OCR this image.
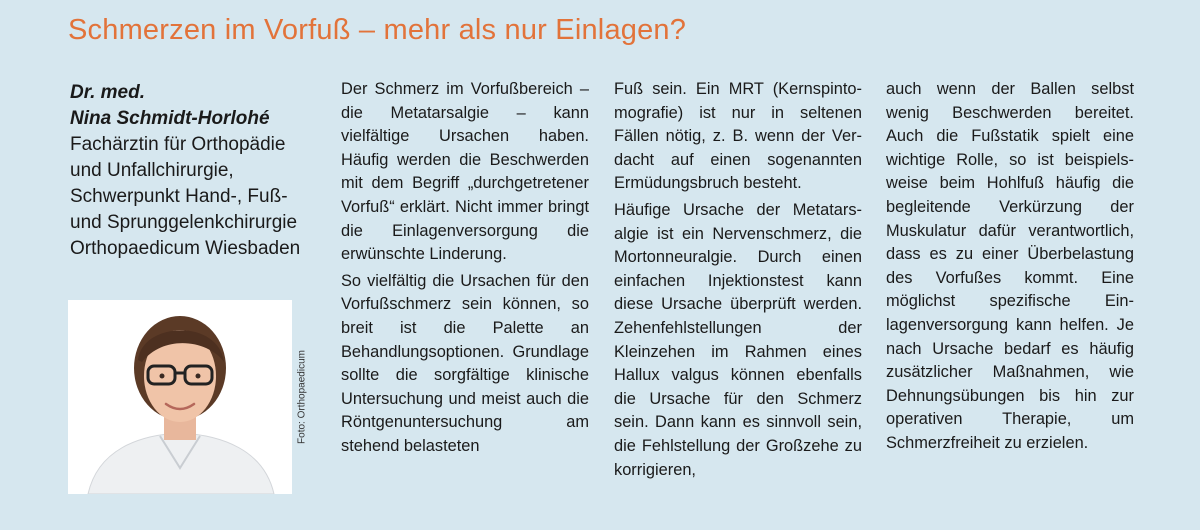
Schmerzen im Vorfuß – mehr als nur Einlagen?
Dr. med.
Nina Schmidt-Horlohé
Fachärztin für Orthopädie
und Unfallchirurgie,
Schwerpunkt Hand-, Fuß-
und Sprunggelenkchirurgie
Orthopaedicum Wiesbaden
Foto: Orthopaedicum

Der Schmerz im Vorfußbereich – die Metatarsalgie – kann vielfältige Ursachen haben. Häufig werden die Beschwerden mit dem Begriff „durchgetretener Vorfuß“ erklärt. Nicht immer bringt die Einlagenversorgung die erwünschte Linderung.

So vielfältig die Ursachen für den Vorfußschmerz sein können, so breit ist die Palette an Behandlungsoptionen. Grundlage sollte die sorgfältige klinische Untersuchung und meist auch die Röntgenuntersuchung am stehend belasteten

Fuß sein. Ein MRT (Kernspintomografie) ist nur in seltenen Fällen nötig, z. B. wenn der Verdacht auf einen sogenannten Ermüdungsbruch besteht.

Häufige Ursache der Metatarsalgie ist ein Nervenschmerz, die Mortonneuralgie. Durch einen einfachen Injektionstest kann diese Ursache überprüft werden. Zehenfehlstellungen der Kleinzehen im Rahmen eines Hallux valgus können ebenfalls die Ursache für den Schmerz sein. Dann kann es sinnvoll sein, die Fehlstellung der Großzehe zu korrigieren,

auch wenn der Ballen selbst wenig Beschwerden bereitet. Auch die Fußstatik spielt eine wichtige Rolle, so ist beispielsweise beim Hohlfuß häufig die begleitende Verkürzung der Muskulatur dafür verantwortlich, dass es zu einer Überbelastung des Vorfußes kommt. Eine möglichst spezifische Einlagenversorgung kann helfen. Je nach Ursache bedarf es häufig zusätzlicher Maßnahmen, wie Dehnungsübungen bis hin zur operativen Therapie, um Schmerzfreiheit zu erzielen.
